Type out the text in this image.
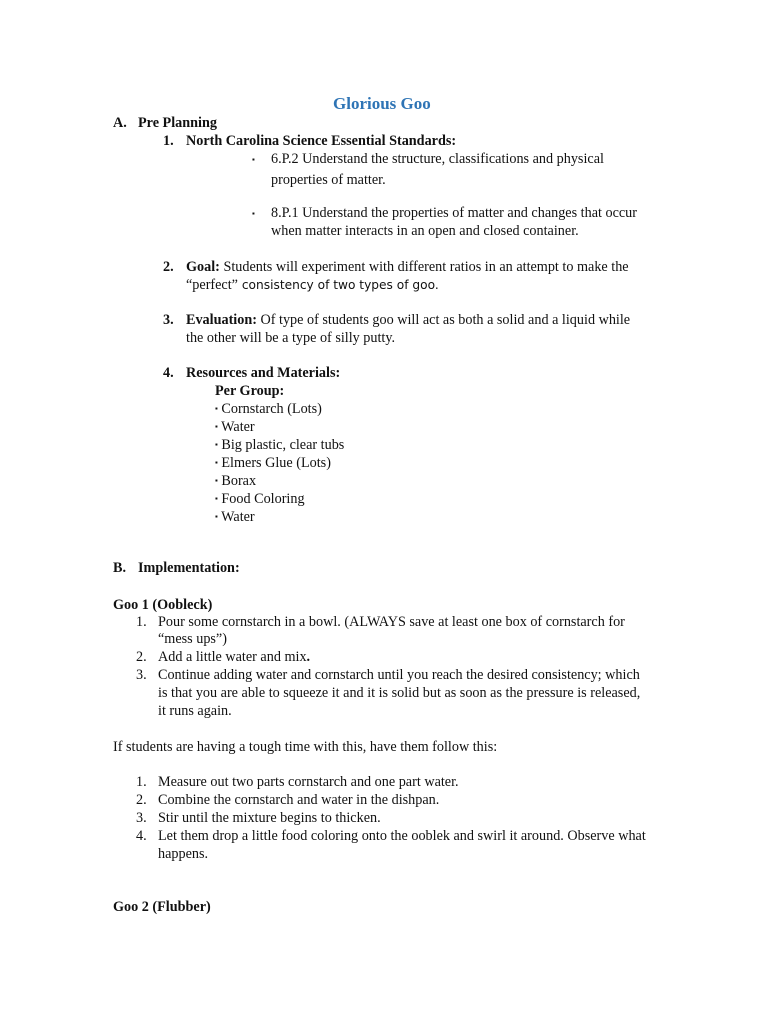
Glorious Goo
A. Pre Planning
1. North Carolina Science Essential Standards:
▪ 6.P.2 Understand the structure, classifications and physical
properties of matter.
▪ 8.P.1 Understand the properties of matter and changes that occur
when matter interacts in an open and closed container.
2. Goal: Students will experiment with different ratios in an attempt to make the
“perfect” consistency of two types of goo.
3. Evaluation: Of type of students goo will act as both a solid and a liquid while
the other will be a type of silly putty.
4. Resources and Materials:
Per Group:
▪ Cornstarch (Lots)
▪ Water
▪ Big plastic, clear tubs
▪ Elmers Glue (Lots)
▪ Borax
▪ Food Coloring
▪ Water
B. Implementation:
Goo 1 (Oobleck)
1. Pour some cornstarch in a bowl. (ALWAYS save at least one box of cornstarch for
“mess ups”)
2. Add a little water and mix.
3. Continue adding water and cornstarch until you reach the desired consistency; which
is that you are able to squeeze it and it is solid but as soon as the pressure is released,
it runs again.
If students are having a tough time with this, have them follow this:
1. Measure out two parts cornstarch and one part water.
2. Combine the cornstarch and water in the dishpan.
3. Stir until the mixture begins to thicken.
4. Let them drop a little food coloring onto the ooblek and swirl it around. Observe what
happens.
Goo 2 (Flubber)
